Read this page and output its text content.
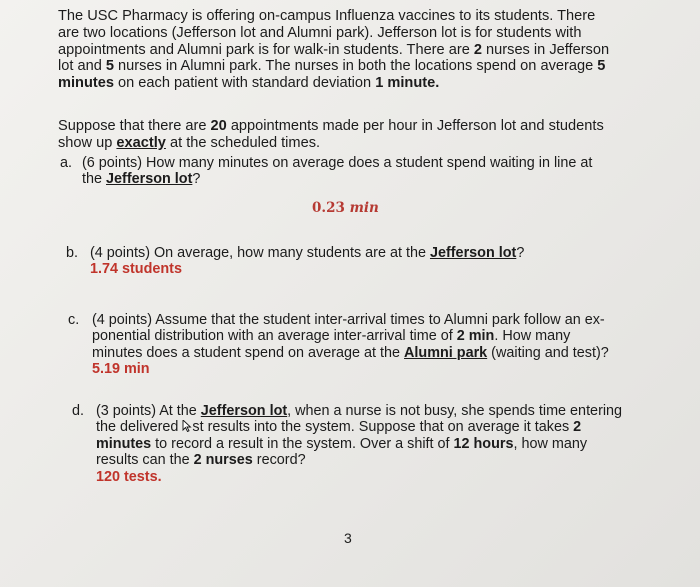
The USC Pharmacy is offering on-campus Influenza vaccines to its students. There
are two locations (Jefferson lot and Alumni park). Jefferson lot is for students with
appointments and Alumni park is for walk-in students. There are 2 nurses in Jefferson
lot and 5 nurses in Alumni park. The nurses in both the locations spend on average 5
minutes on each patient with standard deviation 1 minute.
Suppose that there are 20 appointments made per hour in Jefferson lot and students
show up exactly at the scheduled times.
a. (6 points) How many minutes on average does a student spend waiting in line at
the Jefferson lot?
0.23 min
b. (4 points) On average, how many students are at the Jefferson lot?
1.74 students
c. (4 points) Assume that the student inter-arrival times to Alumni park follow an ex-
ponential distribution with an average inter-arrival time of 2 min. How many
minutes does a student spend on average at the Alumni park (waiting and test)?
5.19 min
d. (3 points) At the Jefferson lot, when a nurse is not busy, she spends time entering
the delivered st results into the system. Suppose that on average it takes 2
minutes to record a result in the system. Over a shift of 12 hours, how many
results can the 2 nurses record?
120 tests.
3
